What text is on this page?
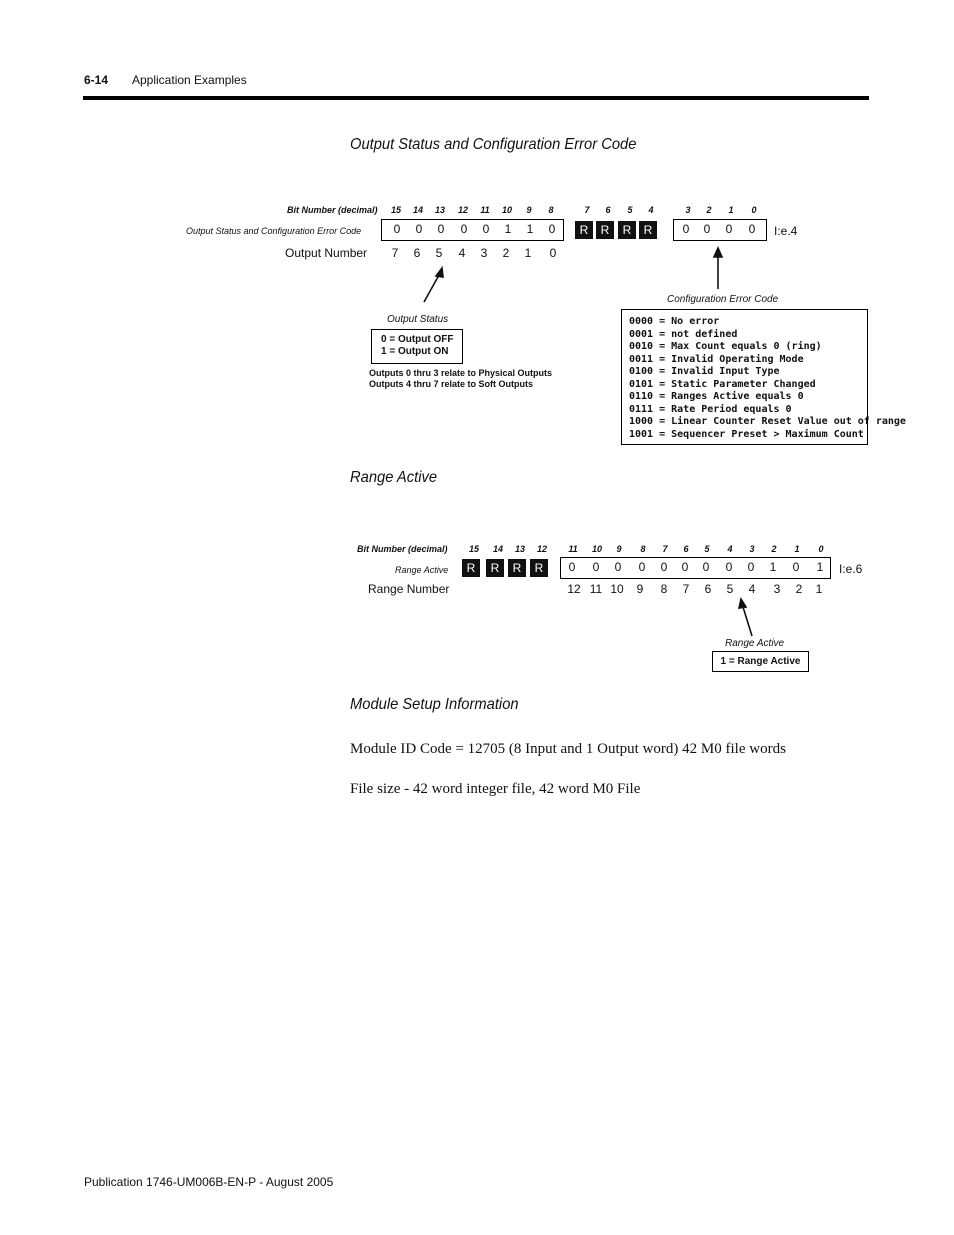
6-14 Application Examples
Output Status and Configuration Error Code
Bit Number (decimal)
Output Status and Configuration Error Code
Output Number
I:e.4
15	14	13	12	11	10	9	8	7	6	5	4	3	2	1	0
0	0	0	0	0	1	1	0	R	R	R	R	0	0	0	0
7	6	5	4	3	2	1	0
Output Status
0 = Output OFF
1 = Output ON
Outputs 0 thru 3 relate to Physical Outputs
Outputs 4 thru 7 relate to Soft Outputs
Configuration Error Code
0000 = No error
0001 = not defined
0010 = Max Count equals 0 (ring)
0011 = Invalid Operating Mode
0100 = Invalid Input Type
0101 = Static Parameter Changed
0110 = Ranges Active equals 0
0111 = Rate Period equals 0
1000 = Linear Counter Reset Value out of range
1001 = Sequencer Preset > Maximum Count
Range Active
Bit Number (decimal)
Range Active
Range Number
I:e.6
15	14	13	12	11	10	9	8	7	6	5	4	3	2	1	0
R	R	R	R	0	0	0	0	0	0	0	0	0	1	0	1
12 11 10	9	8	7	6	5	4	3	2	1
Range Active
1 = Range Active
Module Setup Information
Module ID Code = 12705 (8 Input and 1 Output word) 42 M0 file words
File size - 42 word integer file, 42 word M0 File
Publication 1746-UM006B-EN-P - August 2005
